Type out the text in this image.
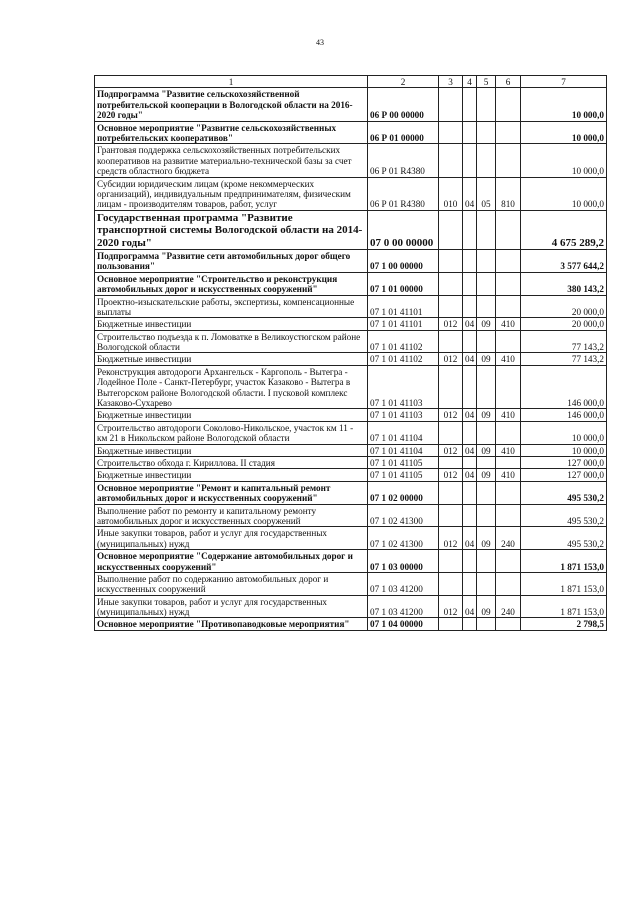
43
1	2	3	4	5	6	7
Подпрограмма "Развитие сельскохозяйственной потребительской кооперации в Вологодской области на 2016-2020 годы"	06 Р 00 00000					10 000,0
Основное мероприятие "Развитие сельскохозяйственных потребительских кооперативов"	06 Р 01 00000					10 000,0
Грантовая поддержка сельскохозяйственных потребительских кооперативов на развитие материально-технической базы за счет средств областного бюджета	06 Р 01 R4380					10 000,0
Субсидии юридическим лицам (кроме некоммерческих организаций), индивидуальным предпринимателям, физическим лицам - производителям товаров, работ, услуг	06 Р 01 R4380	010	04	05	810	10 000,0
Государственная программа "Развитие транспортной системы Вологодской области на 2014-2020 годы"	07 0 00 00000					4 675 289,2
Подпрограмма "Развитие сети автомобильных дорог общего пользования"	07 1 00 00000					3 577 644,2
Основное мероприятие "Строительство и реконструкция автомобильных дорог и искусственных сооружений"	07 1 01 00000					380 143,2
Проектно-изыскательские работы, экспертизы, компенсационные выплаты	07 1 01 41101					20 000,0
Бюджетные инвестиции	07 1 01 41101	012	04	09	410	20 000,0
Строительство подъезда к п. Ломоватке в Великоустюгском районе Вологодской области	07 1 01 41102					77 143,2
Бюджетные инвестиции	07 1 01 41102	012	04	09	410	77 143,2
Реконструкция автодороги Архангельск - Каргополь - Вытегра - Лодейное Поле - Санкт-Петербург, участок Казаково - Вытегра в Вытегорском районе Вологодской области. I пусковой комплекс Казаково-Сухарево	07 1 01 41103					146 000,0
Бюджетные инвестиции	07 1 01 41103	012	04	09	410	146 000,0
Строительство автодороги Соколово-Никольское, участок км 11 - км 21 в Никольском районе Вологодской области	07 1 01 41104					10 000,0
Бюджетные инвестиции	07 1 01 41104	012	04	09	410	10 000,0
Строительство обхода г. Кириллова. II стадия	07 1 01 41105					127 000,0
Бюджетные инвестиции	07 1 01 41105	012	04	09	410	127 000,0
Основное мероприятие "Ремонт и капитальный ремонт автомобильных дорог и искусственных сооружений"	07 1 02 00000					495 530,2
Выполнение работ по ремонту и капитальному ремонту автомобильных дорог и искусственных сооружений	07 1 02 41300					495 530,2
Иные закупки товаров, работ и услуг для государственных (муниципальных) нужд	07 1 02 41300	012	04	09	240	495 530,2
Основное мероприятие "Содержание автомобильных дорог и искусственных сооружений"	07 1 03 00000					1 871 153,0
Выполнение работ по содержанию автомобильных дорог и искусственных сооружений	07 1 03 41200					1 871 153,0
Иные закупки товаров, работ и услуг для государственных (муниципальных) нужд	07 1 03 41200	012	04	09	240	1 871 153,0
Основное мероприятие "Противопаводковые мероприятия"	07 1 04 00000					2 798,5
